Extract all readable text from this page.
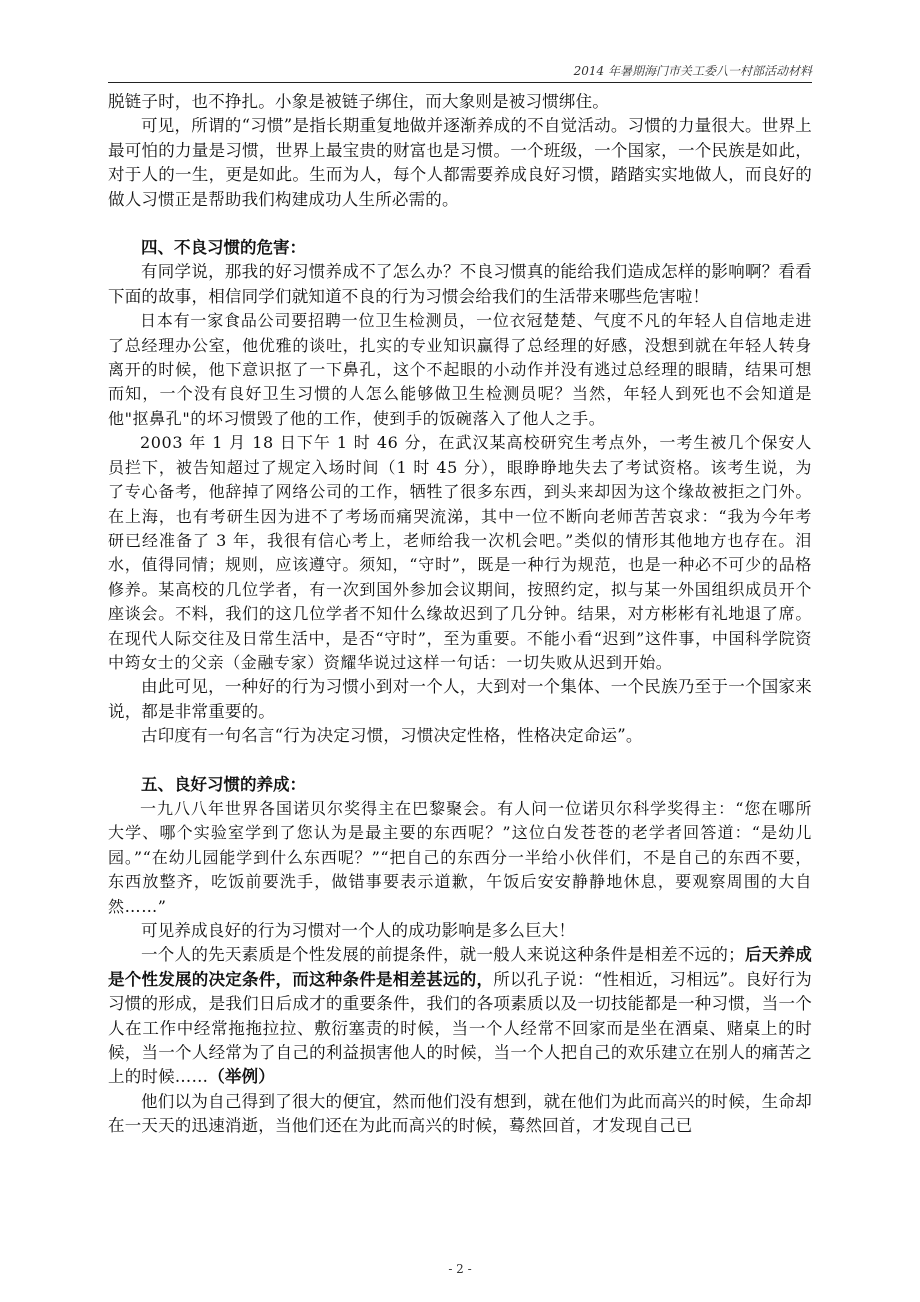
2014 年暑期海门市关工委八一村部活动材料

脱链子时，也不挣扎。小象是被链子绑住，而大象则是被习惯绑住。

可见，所谓的“习惯”是指长期重复地做并逐渐养成的不自觉活动。习惯的力量很大。世界上最可怕的力量是习惯，世界上最宝贵的财富也是习惯。一个班级，一个国家，一个民族是如此，对于人的一生，更是如此。生而为人，每个人都需要养成良好习惯，踏踏实实地做人，而良好的做人习惯正是帮助我们构建成功人生所必需的。

四、不良习惯的危害：

有同学说，那我的好习惯养成不了怎么办？不良习惯真的能给我们造成怎样的影响啊？看看下面的故事，相信同学们就知道不良的行为习惯会给我们的生活带来哪些危害啦！

日本有一家食品公司要招聘一位卫生检测员，一位衣冠楚楚、气度不凡的年轻人自信地走进了总经理办公室，他优雅的谈吐，扎实的专业知识赢得了总经理的好感，没想到就在年轻人转身离开的时候，他下意识抠了一下鼻孔，这个不起眼的小动作并没有逃过总经理的眼睛，结果可想而知，一个没有良好卫生习惯的人怎么能够做卫生检测员呢？当然，年轻人到死也不会知道是他"抠鼻孔"的坏习惯毁了他的工作，使到手的饭碗落入了他人之手。

2003 年 1 月 18 日下午 1 时 46 分，在武汉某高校研究生考点外，一考生被几个保安人员拦下，被告知超过了规定入场时间（1 时 45 分），眼睁睁地失去了考试资格。该考生说，为了专心备考，他辞掉了网络公司的工作，牺牲了很多东西，到头来却因为这个缘故被拒之门外。在上海，也有考研生因为进不了考场而痛哭流涕，其中一位不断向老师苦苦哀求：“我为今年考研已经准备了 3 年，我很有信心考上，老师给我一次机会吧。”类似的情形其他地方也存在。泪水，值得同情；规则，应该遵守。须知，“守时”，既是一种行为规范，也是一种必不可少的品格修养。某高校的几位学者，有一次到国外参加会议期间，按照约定，拟与某一外国组织成员开个座谈会。不料，我们的这几位学者不知什么缘故迟到了几分钟。结果，对方彬彬有礼地退了席。在现代人际交往及日常生活中，是否“守时”，至为重要。不能小看“迟到”这件事，中国科学院资中筠女士的父亲（金融专家）资耀华说过这样一句话：一切失败从迟到开始。

由此可见，一种好的行为习惯小到对一个人，大到对一个集体、一个民族乃至于一个国家来说，都是非常重要的。

古印度有一句名言“行为决定习惯，习惯决定性格，性格决定命运”。

五、良好习惯的养成：

一九八八年世界各国诺贝尔奖得主在巴黎聚会。有人问一位诺贝尔科学奖得主：“您在哪所大学、哪个实验室学到了您认为是最主要的东西呢？”这位白发苍苍的老学者回答道：“是幼儿园。”“在幼儿园能学到什么东西呢？”“把自己的东西分一半给小伙伴们，不是自己的东西不要，东西放整齐，吃饭前要洗手，做错事要表示道歉，午饭后安安静静地休息，要观察周围的大自然……”

可见养成良好的行为习惯对一个人的成功影响是多么巨大！

一个人的先天素质是个性发展的前提条件，就一般人来说这种条件是相差不远的；后天养成是个性发展的决定条件，而这种条件是相差甚远的，所以孔子说：“性相近，习相远”。良好行为习惯的形成，是我们日后成才的重要条件，我们的各项素质以及一切技能都是一种习惯，当一个人在工作中经常拖拖拉拉、敷衍塞责的时候，当一个人经常不回家而是坐在酒桌、赌桌上的时候，当一个人经常为了自己的利益损害他人的时候，当一个人把自己的欢乐建立在别人的痛苦之上的时候……（举例）

他们以为自己得到了很大的便宜，然而他们没有想到，就在他们为此而高兴的时候，生命却在一天天的迅速消逝，当他们还在为此而高兴的时候，蓦然回首，才发现自己已

- 2 -
